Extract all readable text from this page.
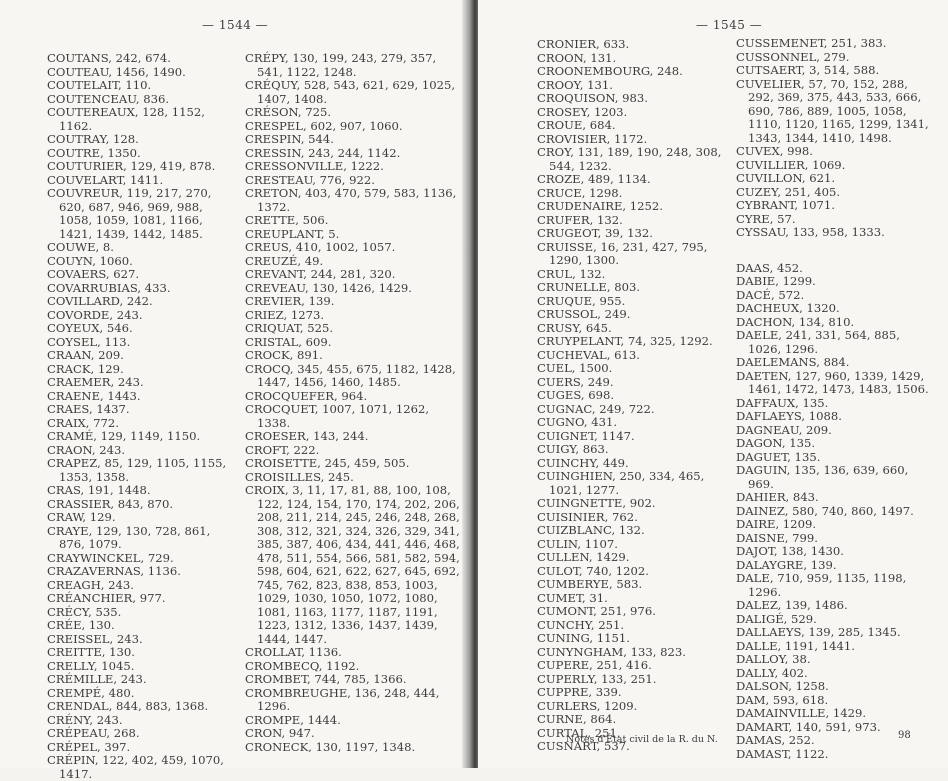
— 1544 —
COUTANS, 242, 674.
COUTEAU, 1456, 1490.
COUTELAIT, 110.
COUTENCEAU, 836.
COUTEREAUX, 128, 1152, 1162.
COUTRAY, 128.
COUTRE, 1350.
COUTURIER, 129, 419, 878.
COUVELART, 1411.
COUVREUR, 119, 217, 270, 620, 687, 946, 969, 988, 1058, 1059, 1081, 1166, 1421, 1439, 1442, 1485.
COUWE, 8.
COUYN, 1060.
COVAERS, 627.
COVARRUBIAS, 433.
COVILLARD, 242.
COVORDE, 243.
COYEUX, 546.
COYSEL, 113.
CRAAN, 209.
CRACK, 129.
CRAEMER, 243.
CRAENE, 1443.
CRAES, 1437.
CRAIX, 772.
CRAMÉ, 129, 1149, 1150.
CRAON, 243.
CRAPEZ, 85, 129, 1105, 1155, 1353, 1358.
CRAS, 191, 1448.
CRASSIER, 843, 870.
CRAW, 129.
CRAYE, 129, 130, 728, 861, 876, 1079.
CRAYWINCKEL, 729.
CRAZAVERNAS, 1136.
CREAGH, 243.
CRÉANCHIER, 977.
CRÉCY, 535.
CRÉE, 130.
CREISSEL, 243.
CREITTE, 130.
CRELLY, 1045.
CRÉMILLE, 243.
CREMPÉ, 480.
CRENDAL, 844, 883, 1368.
CRÉNY, 243.
CRÉPEAU, 268.
CRÉPEL, 397.
CRÉPIN, 122, 402, 459, 1070, 1417.
CRÉPY, 130, 199, 243, 279, 357, 541, 1122, 1248.
CRÉQUY, 528, 543, 621, 629, 1025, 1407, 1408.
CRÉSON, 725.
CRESPEL, 602, 907, 1060.
CRESPIN, 544.
CRESSIN, 243, 244, 1142.
CRESSONVILLE, 1222.
CRESTEAU, 776, 922.
CRETON, 403, 470, 579, 583, 1136, 1372.
CRETTE, 506.
CREUPLANT, 5.
CREUS, 410, 1002, 1057.
CREUZÉ, 49.
CREVANT, 244, 281, 320.
CREVEAU, 130, 1426, 1429.
CREVIER, 139.
CRIEZ, 1273.
CRIQUAT, 525.
CRISTAL, 609.
CROCK, 891.
CROCQ, 345, 455, 675, 1182, 1428, 1447, 1456, 1460, 1485.
CROCQUEFER, 964.
CROCQUET, 1007, 1071, 1262, 1338.
CROESER, 143, 244.
CROFT, 222.
CROISETTE, 245, 459, 505.
CROISILLES, 245.
CROIX, 3, 11, 17, 81, 88, 100, 108, 122, 124, 154, 170, 174, 202, 206, 208, 211, 214, 245, 246, 248, 268, 308, 312, 321, 324, 326, 329, 341, 385, 387, 406, 434, 441, 446, 468, 478, 511, 554, 566, 581, 582, 594, 598, 604, 621, 622, 627, 645, 692, 745, 762, 823, 838, 853, 1003, 1029, 1030, 1050, 1072, 1080, 1081, 1163, 1177, 1187, 1191, 1223, 1312, 1336, 1437, 1439, 1444, 1447.
CROLLAT, 1136.
CROMBECQ, 1192.
CROMBET, 744, 785, 1366.
CROMBREUGHE, 136, 248, 444, 1296.
CROMPE, 1444.
CRON, 947.
CRONECK, 130, 1197, 1348.
— 1545 —
CRONIER, 633.
CROON, 131.
CROONEMBOURG, 248.
CROOY, 131.
CROQUISON, 983.
CROSEY, 1203.
CROUE, 684.
CROVISIER, 1172.
CROY, 131, 189, 190, 248, 308, 544, 1232.
CROZE, 489, 1134.
CRUCE, 1298.
CRUDENAIRE, 1252.
CRUFER, 132.
CRUGEOT, 39, 132.
CRUISSE, 16, 231, 427, 795, 1290, 1300.
CRUL, 132.
CRUNELLE, 803.
CRUQUE, 955.
CRUSSOL, 249.
CRUSY, 645.
CRUYPELANT, 74, 325, 1292.
CUCHEVAL, 613.
CUEL, 1500.
CUERS, 249.
CUGES, 698.
CUGNAC, 249, 722.
CUGNO, 431.
CUIGNET, 1147.
CUIGY, 863.
CUINCHY, 449.
CUINGHIEN, 250, 334, 465, 1021, 1277.
CUINGNETTE, 902.
CUISINIER, 762.
CUIZBLANC, 132.
CULIN, 1107.
CULLEN, 1429.
CULOT, 740, 1202.
CUMBERYE, 583.
CUMET, 31.
CUMONT, 251, 976.
CUNCHY, 251.
CUNING, 1151.
CUNYNGHAM, 133, 823.
CUPERE, 251, 416.
CUPERLY, 133, 251.
CUPPRE, 339.
CURLERS, 1209.
CURNE, 864.
CURTAL, 251.
CUSNART, 537.
CUSSEMENET, 251, 383.
CUSSONNEL, 279.
CUTSAERT, 3, 514, 588.
CUVELIER, 57, 70, 152, 288, 292, 369, 375, 443, 533, 666, 690, 786, 889, 1005, 1058, 1110, 1120, 1165, 1299, 1341, 1343, 1344, 1410, 1498.
CUVEX, 998.
CUVILLIER, 1069.
CUVILLON, 621.
CUZEY, 251, 405.
CYBRANT, 1071.
CYRE, 57.
CYSSAU, 133, 958, 1333.
DAAS, 452.
DABIE, 1299.
DACÉ, 572.
DACHEUX, 1320.
DACHON, 134, 810.
DAELE, 241, 331, 564, 885, 1026, 1296.
DAELEMANS, 884.
DAETEN, 127, 960, 1339, 1429, 1461, 1472, 1473, 1483, 1506.
DAFFAUX, 135.
DAFLAEYS, 1088.
DAGNEAU, 209.
DAGON, 135.
DAGUET, 135.
DAGUIN, 135, 136, 639, 660, 969.
DAHIER, 843.
DAINEZ, 580, 740, 860, 1497.
DAIRE, 1209.
DAISNE, 799.
DAJOT, 138, 1430.
DALAYGRE, 139.
DALE, 710, 959, 1135, 1198, 1296.
DALEZ, 139, 1486.
DALIGÉ, 529.
DALLAEYS, 139, 285, 1345.
DALLE, 1191, 1441.
DALLOY, 38.
DALLY, 402.
DALSON, 1258.
DAM, 593, 618.
DAMAINVILLE, 1429.
DAMART, 140, 591, 973.
DAMAS, 252.
DAMAST, 1122.
Notes d'État civil de la R. du N.	98
